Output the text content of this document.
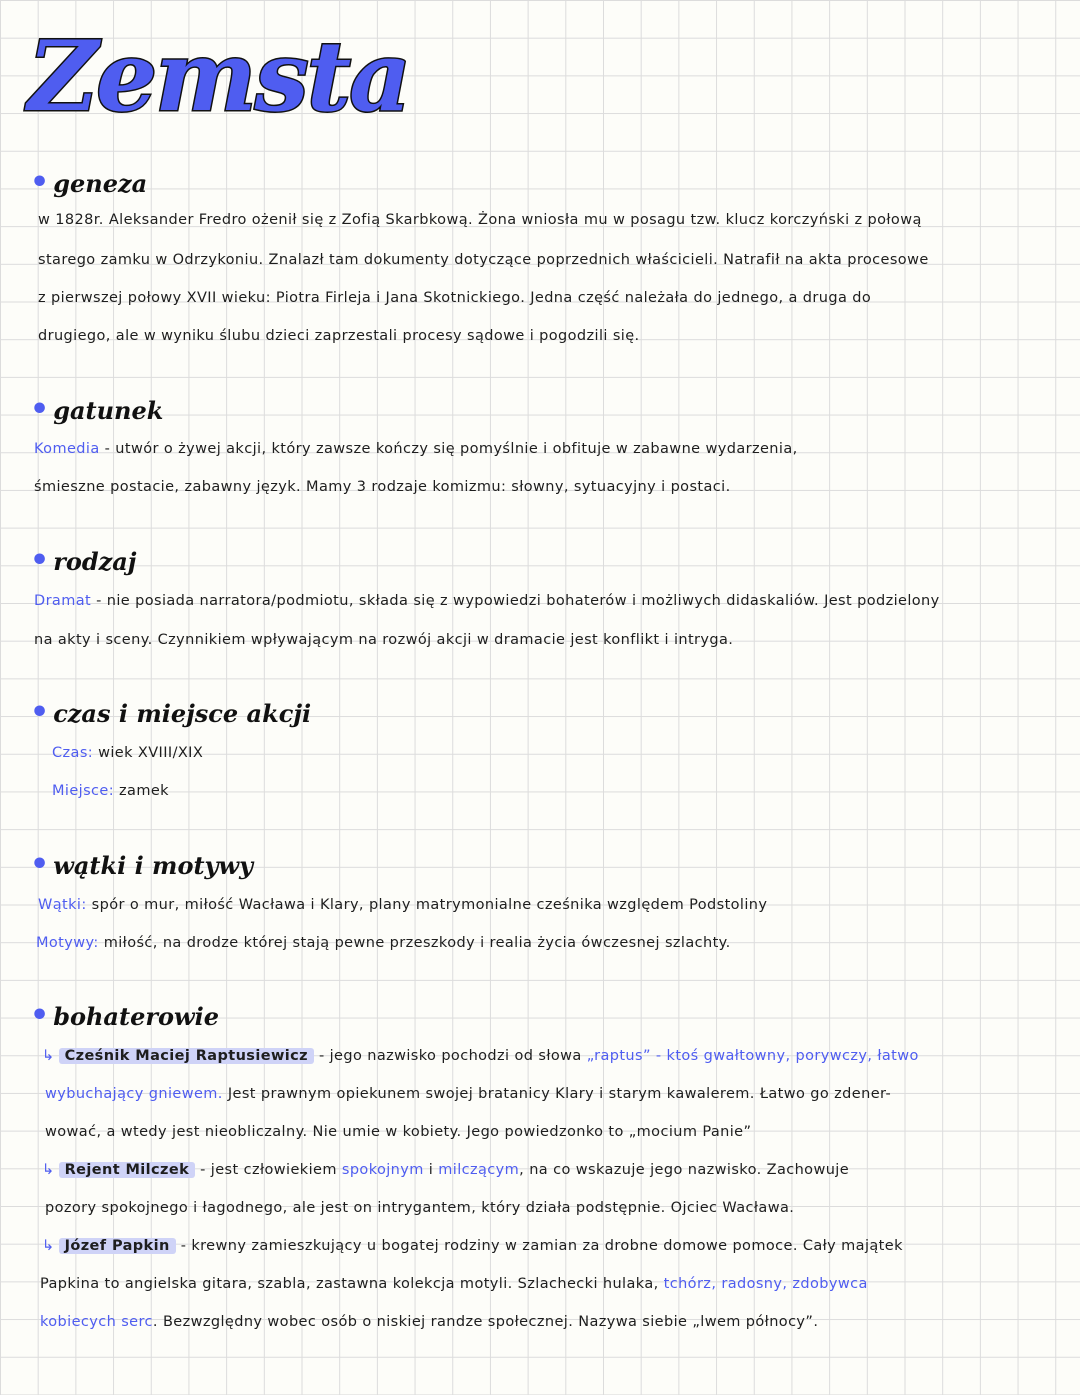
Zemsta
• geneza
w 1828r. Aleksander Fredro ożenił się z Zofią Skarbkową. Żona wniosła mu w posagu tzw. klucz korczyński z połową
starego zamku w Odrzykoniu. Znalazł tam dokumenty dotyczące poprzednich właścicieli. Natrafił na akta procesowe
z pierwszej połowy XVII wieku: Piotra Firleja i Jana Skotnickiego. Jedna część należała do jednego, a druga do
drugiego, ale w wyniku ślubu dzieci zaprzestali procesy sądowe i pogodzili się.
• gatunek
Komedia - utwór o żywej akcji, który zawsze kończy się pomyślnie i obfituje w zabawne wydarzenia,
śmieszne postacie, zabawny język. Mamy 3 rodzaje komizmu: słowny, sytuacyjny i postaci.
• rodzaj
Dramat - nie posiada narratora/podmiotu, składa się z wypowiedzi bohaterów i możliwych didaskaliów. Jest podzielony
na akty i sceny. Czynnikiem wpływającym na rozwój akcji w dramacie jest konflikt i intryga.
• czas i miejsce akcji
Czas: wiek XVIII/XIX
Miejsce: zamek
• wątki i motywy
Wątki: spór o mur, miłość Wacława i Klary, plany matrymonialne cześnika względem Podstoliny
Motywy: miłość, na drodze której stają pewne przeszkody i realia życia ówczesnej szlachty.
• bohaterowie
↳ Cześnik Maciej Raptusiewicz - jego nazwisko pochodzi od słowa „raptus” - ktoś gwałtowny, porywczy, łatwo
wybuchający gniewem. Jest prawnym opiekunem swojej bratanicy Klary i starym kawalerem. Łatwo go zdener-
wować, a wtedy jest nieobliczalny. Nie umie w kobiety. Jego powiedzonko to „mocium Panie”
↳ Rejent Milczek - jest człowiekiem spokojnym i milczącym, na co wskazuje jego nazwisko. Zachowuje
pozory spokojnego i łagodnego, ale jest on intrygantem, który działa podstępnie. Ojciec Wacława.
↳ Józef Papkin - krewny zamieszkujący u bogatej rodziny w zamian za drobne domowe pomoce. Cały majątek
Papkina to angielska gitara, szabla, zastawna kolekcja motyli. Szlachecki hulaka, tchórz, radosny, zdobywca
kobiecych serc. Bezwzględny wobec osób o niskiej randze społecznej. Nazywa siebie „lwem północy”.
